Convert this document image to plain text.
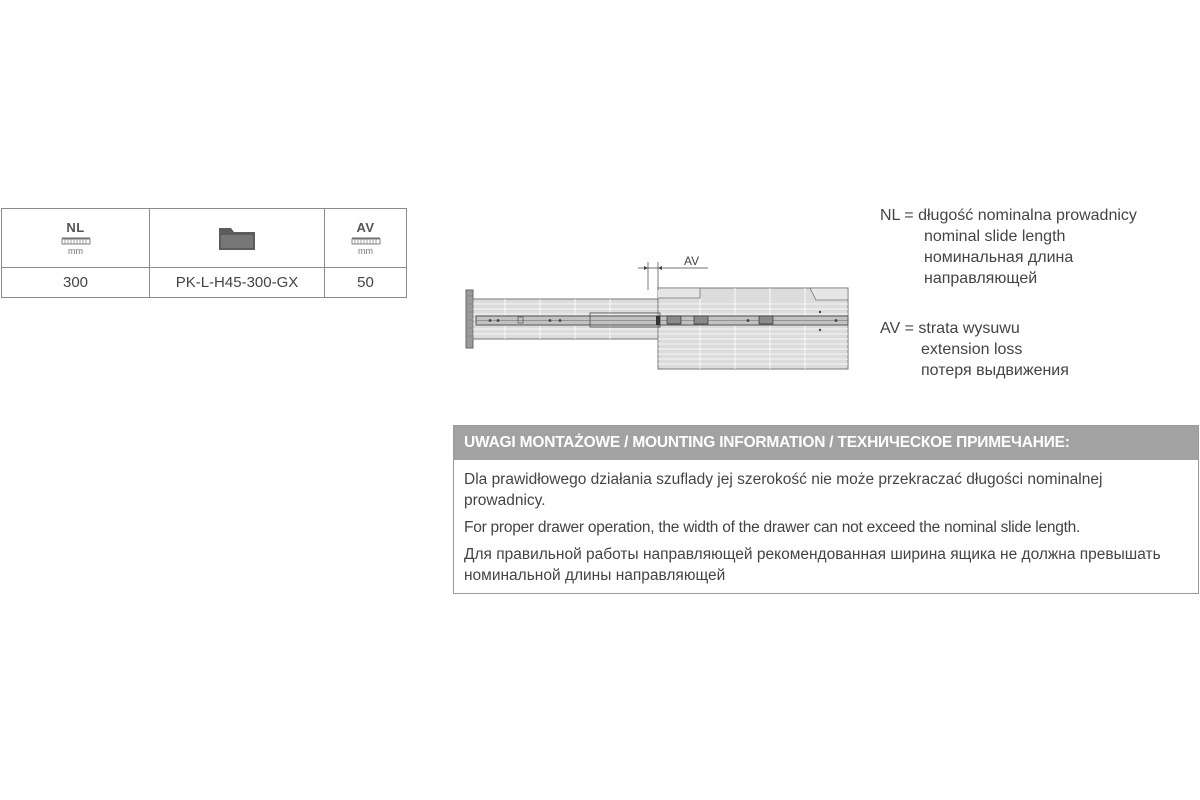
NL
mm
AV
mm
300	PK-L-H45-300-GX	50
AV
NL = długość nominalna prowadnicy
nominal slide length
номинальная длина
направляющей
AV = strata wysuwu
extension loss
потеря выдвижения
UWAGI MONTAŻOWE / MOUNTING INFORMATION / ТЕХНИЧЕСКОЕ ПРИМЕЧАНИЕ:

Dla prawidłowego działania szuflady jej szerokość nie może przekraczać długości nominalnej prowadnicy.

For proper drawer operation, the width of the drawer can not exceed the nominal slide length.

Для правильной работы направляющей рекомендованная ширина ящика не должна превышать номинальной длины направляющей
